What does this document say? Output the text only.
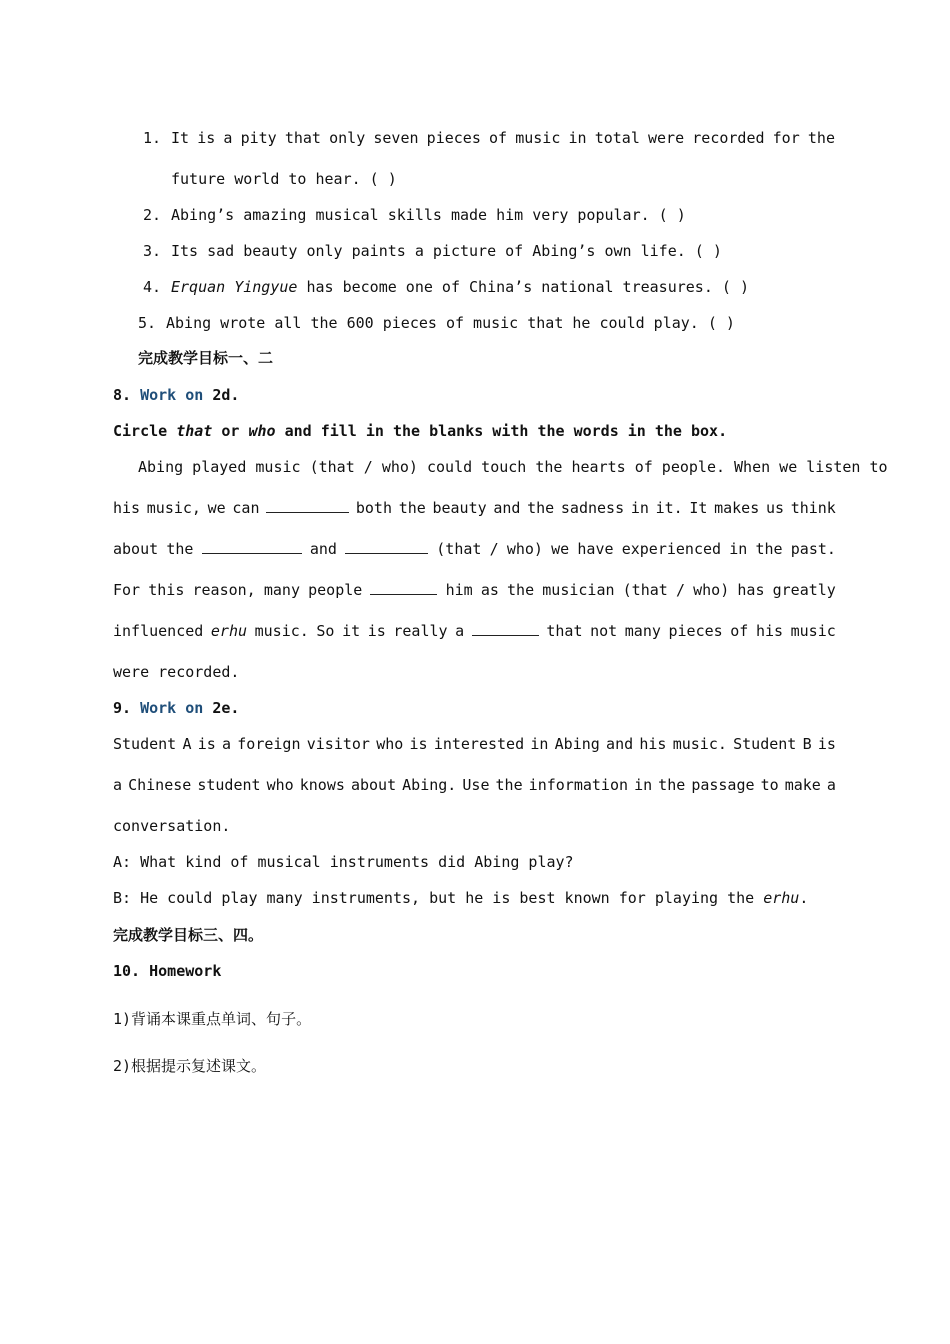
1. It is a pity that only seven pieces of music in total were recorded for the
future world to hear. ( )
2. Abing’s amazing musical skills made him very popular. ( )
3. Its sad beauty only paints a picture of Abing’s own life. ( )
4. Erquan Yingyue has become one of China’s national treasures. ( )
5. Abing wrote all the 600 pieces of music that he could play. ( )
完成教学目标一、二
8. Work on 2d.
Circle that or who and fill in the blanks with the words in the box.
Abing played music (that / who) could touch the hearts of people. When we listen to
his music, we can	both the beauty and the sadness in it. It makes us think
about the	and	(that / who) we have experienced in the past.
For this reason, many people	him as the musician (that / who) has greatly
influenced erhu music. So it is really a	that not many pieces of his music
were recorded.
9. Work on 2e.
Student A is a foreign visitor who is interested in Abing and his music. Student B is
a Chinese student who knows about Abing. Use the information in the passage to make a
conversation.
A: What kind of musical instruments did Abing play?
B: He could play many instruments, but he is best known for playing the erhu.
完成教学目标三、四。
10. Homework
1)背诵本课重点单词、句子。
2)根据提示复述课文。
